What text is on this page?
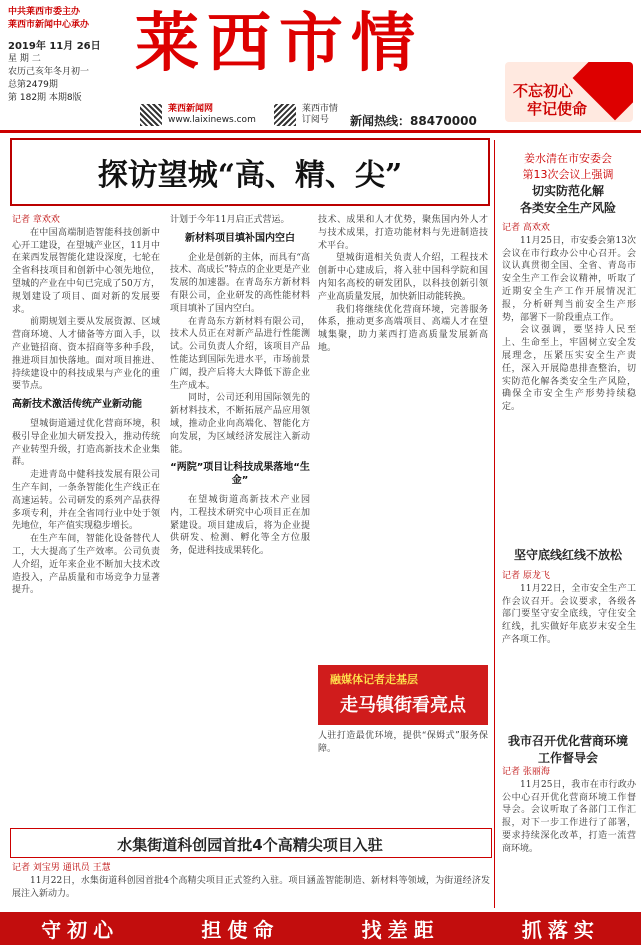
中共莱西市委主办
莱西市新闻中心承办
2019年 11月 26日
星 期 二
农历己亥年冬月初一
总第2479期
第 182期 本期8版
莱西市情
不忘初心
牢记使命
莱西新闻网
www.laixinews.com
莱西市情
订阅号	新闻热线：88470000
探访望城“高、精、尖”
记者 章欢欢

在中国高端制造智能科技创新中心开工建设，在望城产业区，11月中在莱西发展智能化建设深度，七轮在全省科技项目和创新中心领先地位，望城的产业在中旬已完成了50万方，规划建设了项目、面对新的发展要求。

前期规划主要从发展资源、区域营商环境、人才储备等方面入手，以产业链招商、资本招商等多种手段，推进项目加快落地。面对项目推进、持续建设中的科技成果与产业化的重要节点。

高新技术激活传统产业新动能

望城街道通过优化营商环境，积极引导企业加大研发投入，推动传统产业转型升级，打造高新技术企业集群。

走进青岛中健科技发展有限公司生产车间，一条条智能化生产线正在高速运转。公司研发的系列产品获得多项专利，并在全省同行业中处于领先地位，年产值实现稳步增长。

在生产车间，智能化设备替代人工，大大提高了生产效率。公司负责人介绍，近年来企业不断加大技术改造投入，产品质量和市场竞争力显著提升。

计划于今年11月启正式营运。

新材料项目填补国内空白

企业是创新的主体，而具有“高技术、高成长”特点的企业更是产业发展的加速器。在青岛东方新材料有限公司，企业研发的高性能材料项目填补了国内空白。

在青岛东方新材料有限公司，技术人员正在对新产品进行性能测试。公司负责人介绍，该项目产品性能达到国际先进水平，市场前景广阔，投产后将大大降低下游企业生产成本。

同时，公司还利用国际领先的新材料技术，不断拓展产品应用领域，推动企业向高端化、智能化方向发展，为区域经济发展注入新动能。

“两院”项目让科技成果落地“生金”

在望城街道高新技术产业园内，工程技术研究中心项目正在加紧建设。项目建成后，将为企业提供研发、检测、孵化等全方位服务，促进科技成果转化。

技术、成果和人才优势，聚焦国内外人才与技术成果，打造功能材料与先进制造技术平台。

望城街道相关负责人介绍，工程技术创新中心建成后，将入驻中国科学院和国内知名高校的研发团队，以科技创新引领产业高质量发展，加快新旧动能转换。

我们将继续优化营商环境，完善服务体系，推动更多高端项目、高端人才在望城集聚，助力莱西打造高质量发展新高地。

融媒体记者走基层
走马镇街看亮点

人驻打造最优环境，提供“保姆式”服务保障。

水集街道科创园首批4个高精尖项目入驻
记者 刘宝男 通讯员 王慧

11月22日，水集街道科创园首批4个高精尖项目正式签约入驻。项目涵盖智能制造、新材料等领域，为街道经济发展注入新动力。

姜水清在市安委会
第13次会议上强调
切实防范化解
各类安全生产风险
记者 高欢欢

11月25日，市安委会第13次会议在市行政办公中心召开。会议认真贯彻全国、全省、青岛市安全生产工作会议精神，听取了近期安全生产工作开展情况汇报，分析研判当前安全生产形势，部署下一阶段重点工作。

会议强调，要坚持人民至上、生命至上，牢固树立安全发展理念，压紧压实安全生产责任，深入开展隐患排查整治，切实防范化解各类安全生产风险，确保全市安全生产形势持续稳定。

坚守底线红线不放松
记者 原龙飞

11月22日，全市安全生产工作会议召开。会议要求，各级各部门要坚守安全底线，守住安全红线，扎实做好年底岁末安全生产各项工作。

我市召开优化营商环境
工作督导会
记者 张丽海

11月25日，我市在市行政办公中心召开优化营商环境工作督导会。会议听取了各部门工作汇报，对下一步工作进行了部署，要求持续深化改革，打造一流营商环境。

守初心	担使命	找差距	抓落实
